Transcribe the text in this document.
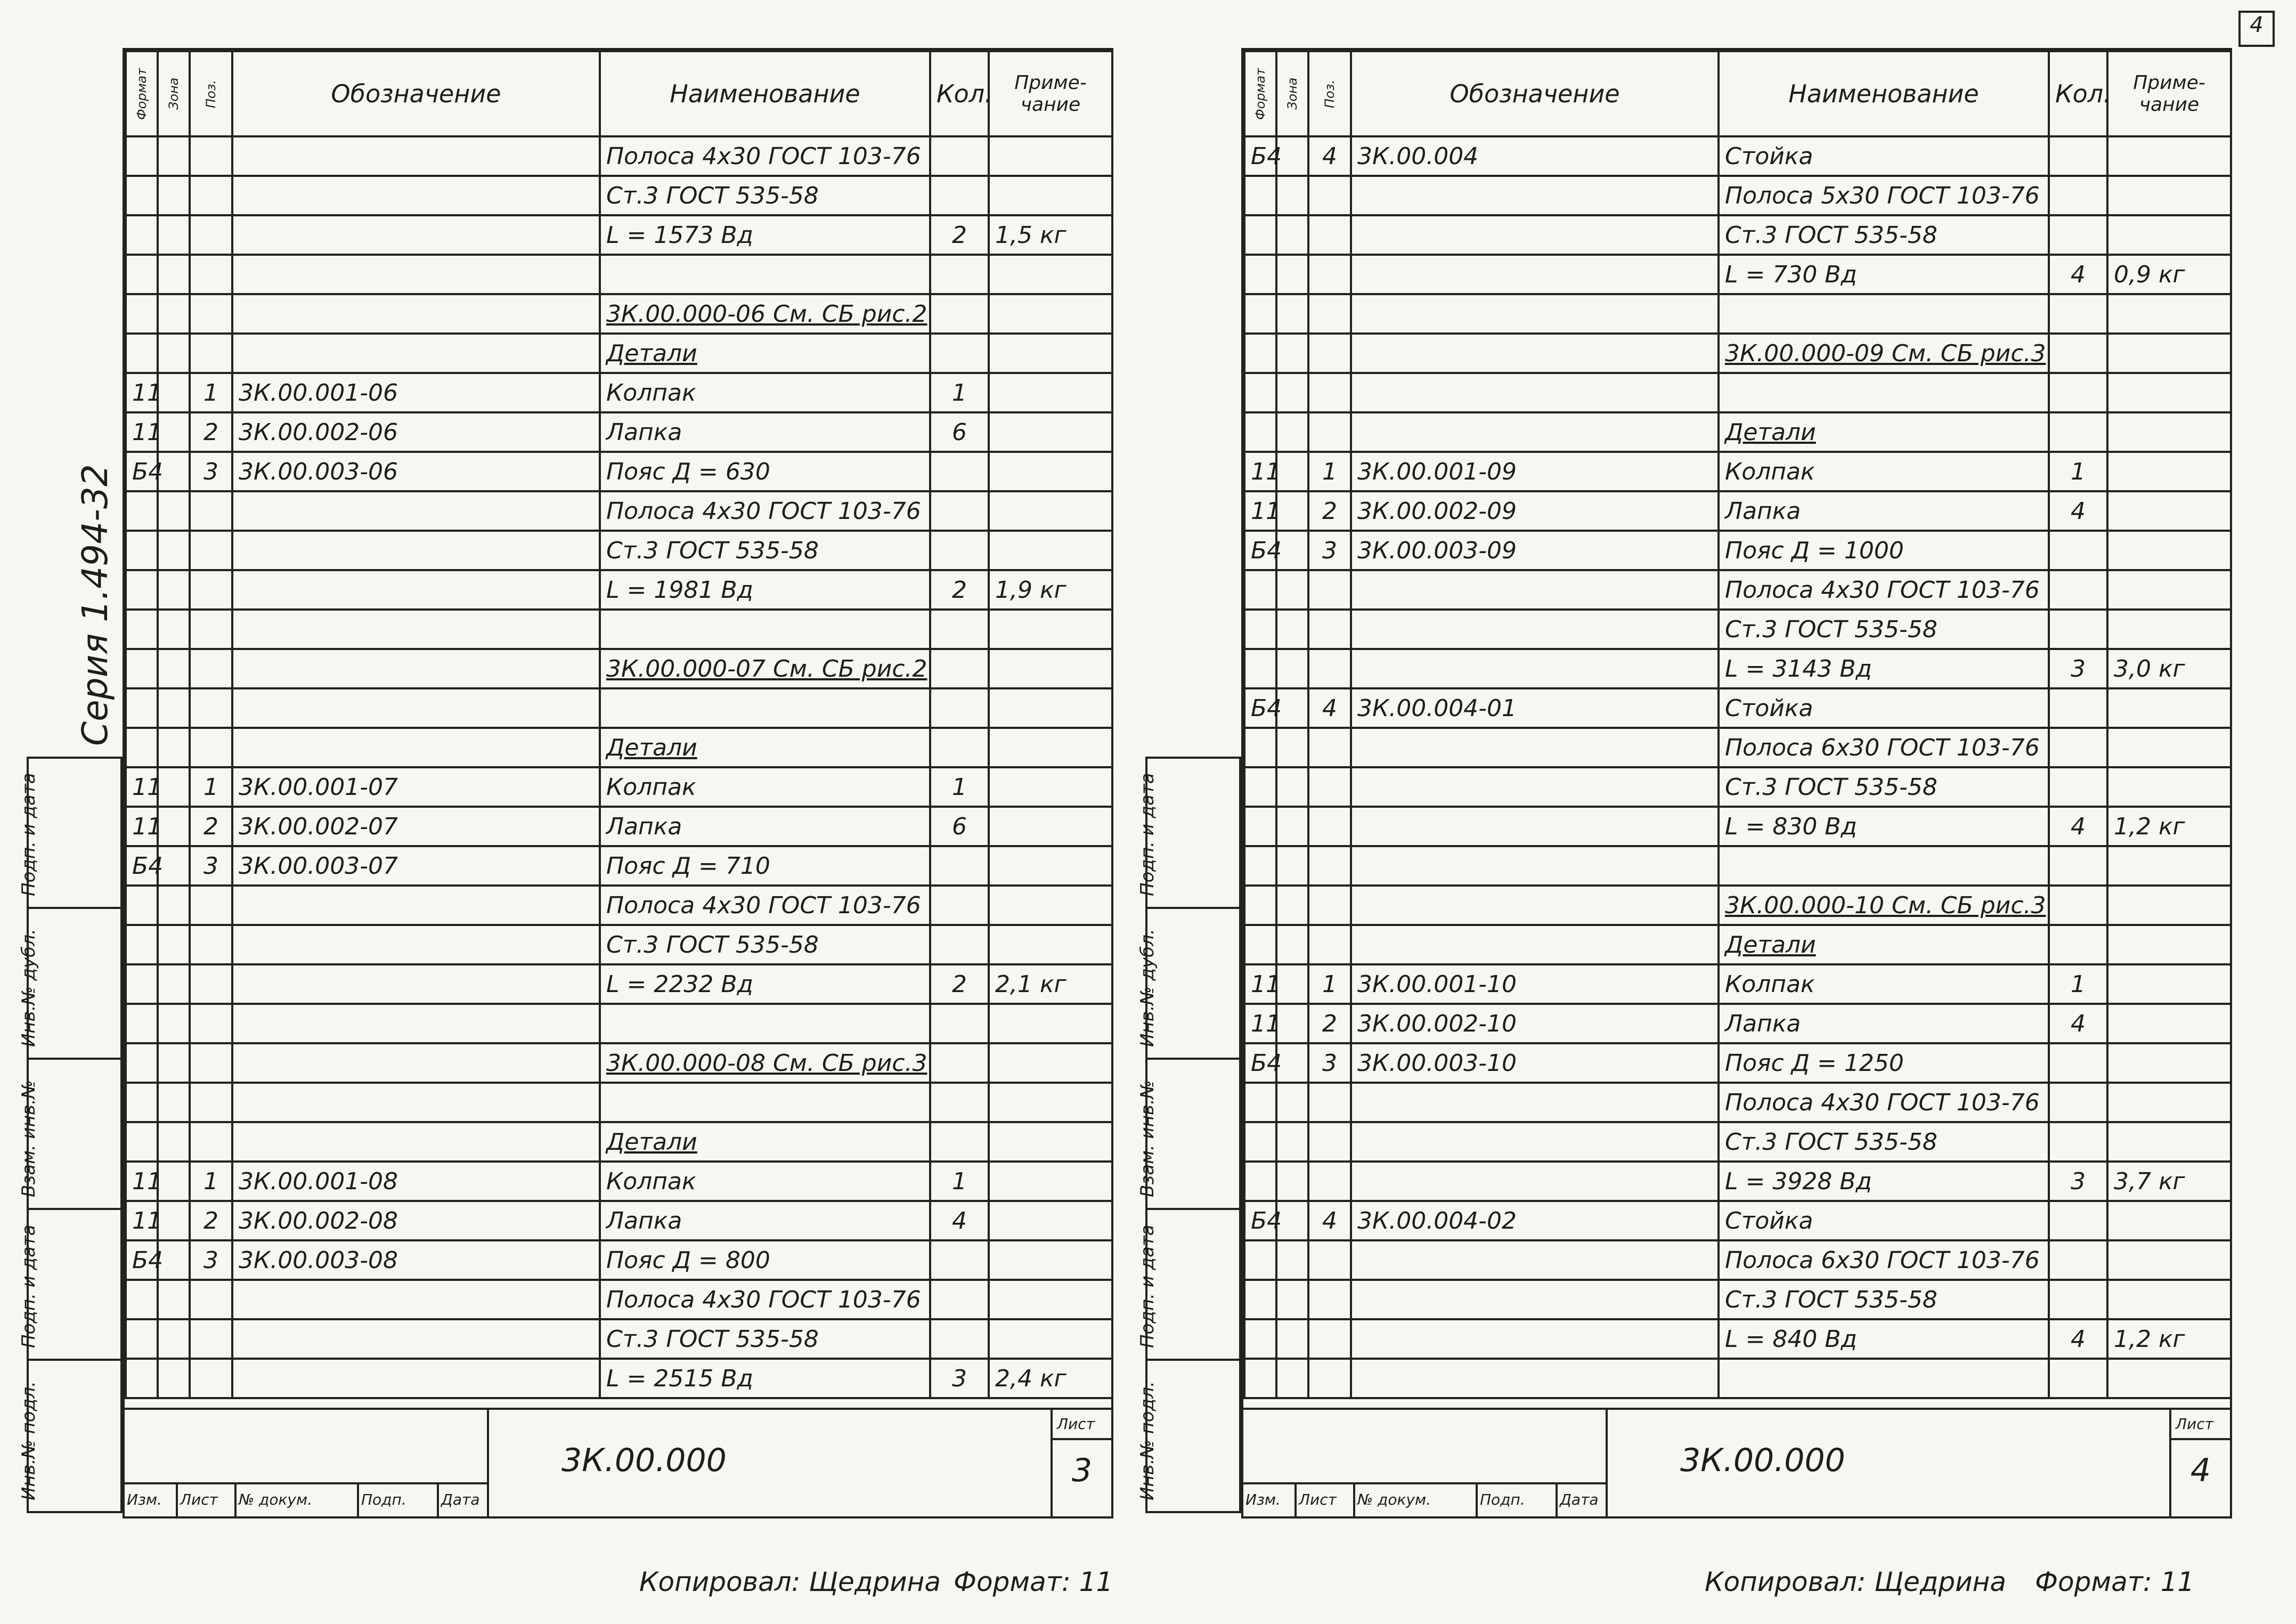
Серия 1.494-32
Подп. и дата
Инв.№ дубл.
Взам. инв.№
Подп. и дата
Инв.№ подл.
Подп. и дата
Инв.№ дубл.
Взам. инв.№
Подп. и дата
Инв.№ подл.
Формат	Зона	Поз.	Обозначение	Наименование	Кол.	Приме-чание
				Полоса 4х30 ГОСТ 103-76		
				Ст.3 ГОСТ 535-58		
				L = 1573 Вд	2	1,5 кг

				3К.00.000-06 См. СБ рис.2		
				Детали		
11		1	3К.00.001-06	Колпак	1	
11		2	3К.00.002-06	Лапка	6	
Б4		3	3К.00.003-06	Пояс Д = 630		
				Полоса 4х30 ГОСТ 103-76		
				Ст.3 ГОСТ 535-58		
				L = 1981 Вд	2	1,9 кг

				3К.00.000-07 См. СБ рис.2		

				Детали		
11		1	3К.00.001-07	Колпак	1	
11		2	3К.00.002-07	Лапка	6	
Б4		3	3К.00.003-07	Пояс Д = 710		
				Полоса 4х30 ГОСТ 103-76		
				Ст.3 ГОСТ 535-58		
				L = 2232 Вд	2	2,1 кг

				3К.00.000-08 См. СБ рис.3		

				Детали		
11		1	3К.00.001-08	Колпак	1	
11		2	3К.00.002-08	Лапка	4	
Б4		3	3К.00.003-08	Пояс Д = 800		
				Полоса 4х30 ГОСТ 103-76		
				Ст.3 ГОСТ 535-58		
				L = 2515 Вд	3	2,4 кг
Изм.	Лист	№ докум.	Подп.	Дата
3К.00.000
Лист
3
Копировал: Щедрина Формат: 11
Формат	Зона	Поз.	Обозначение	Наименование	Кол.	Приме-чание
Б4		4	3К.00.004	Стойка		
				Полоса 5х30 ГОСТ 103-76		
				Ст.3 ГОСТ 535-58		
				L = 730 Вд	4	0,9 кг

				3К.00.000-09 См. СБ рис.3		

				Детали		
11		1	3К.00.001-09	Колпак	1	
11		2	3К.00.002-09	Лапка	4	
Б4		3	3К.00.003-09	Пояс Д = 1000		
				Полоса 4х30 ГОСТ 103-76		
				Ст.3 ГОСТ 535-58		
				L = 3143 Вд	3	3,0 кг
Б4		4	3К.00.004-01	Стойка		
				Полоса 6х30 ГОСТ 103-76		
				Ст.3 ГОСТ 535-58		
				L = 830 Вд	4	1,2 кг

				3К.00.000-10 См. СБ рис.3		
				Детали		
11		1	3К.00.001-10	Колпак	1	
11		2	3К.00.002-10	Лапка	4	
Б4		3	3К.00.003-10	Пояс Д = 1250		
				Полоса 4х30 ГОСТ 103-76		
				Ст.3 ГОСТ 535-58		
				L = 3928 Вд	3	3,7 кг
Б4		4	3К.00.004-02	Стойка		
				Полоса 6х30 ГОСТ 103-76		
				Ст.3 ГОСТ 535-58		
				L = 840 Вд	4	1,2 кг

Изм.	Лист	№ докум.	Подп.	Дата
3К.00.000
Лист
4
4
Копировал: Щедрина Формат: 11
